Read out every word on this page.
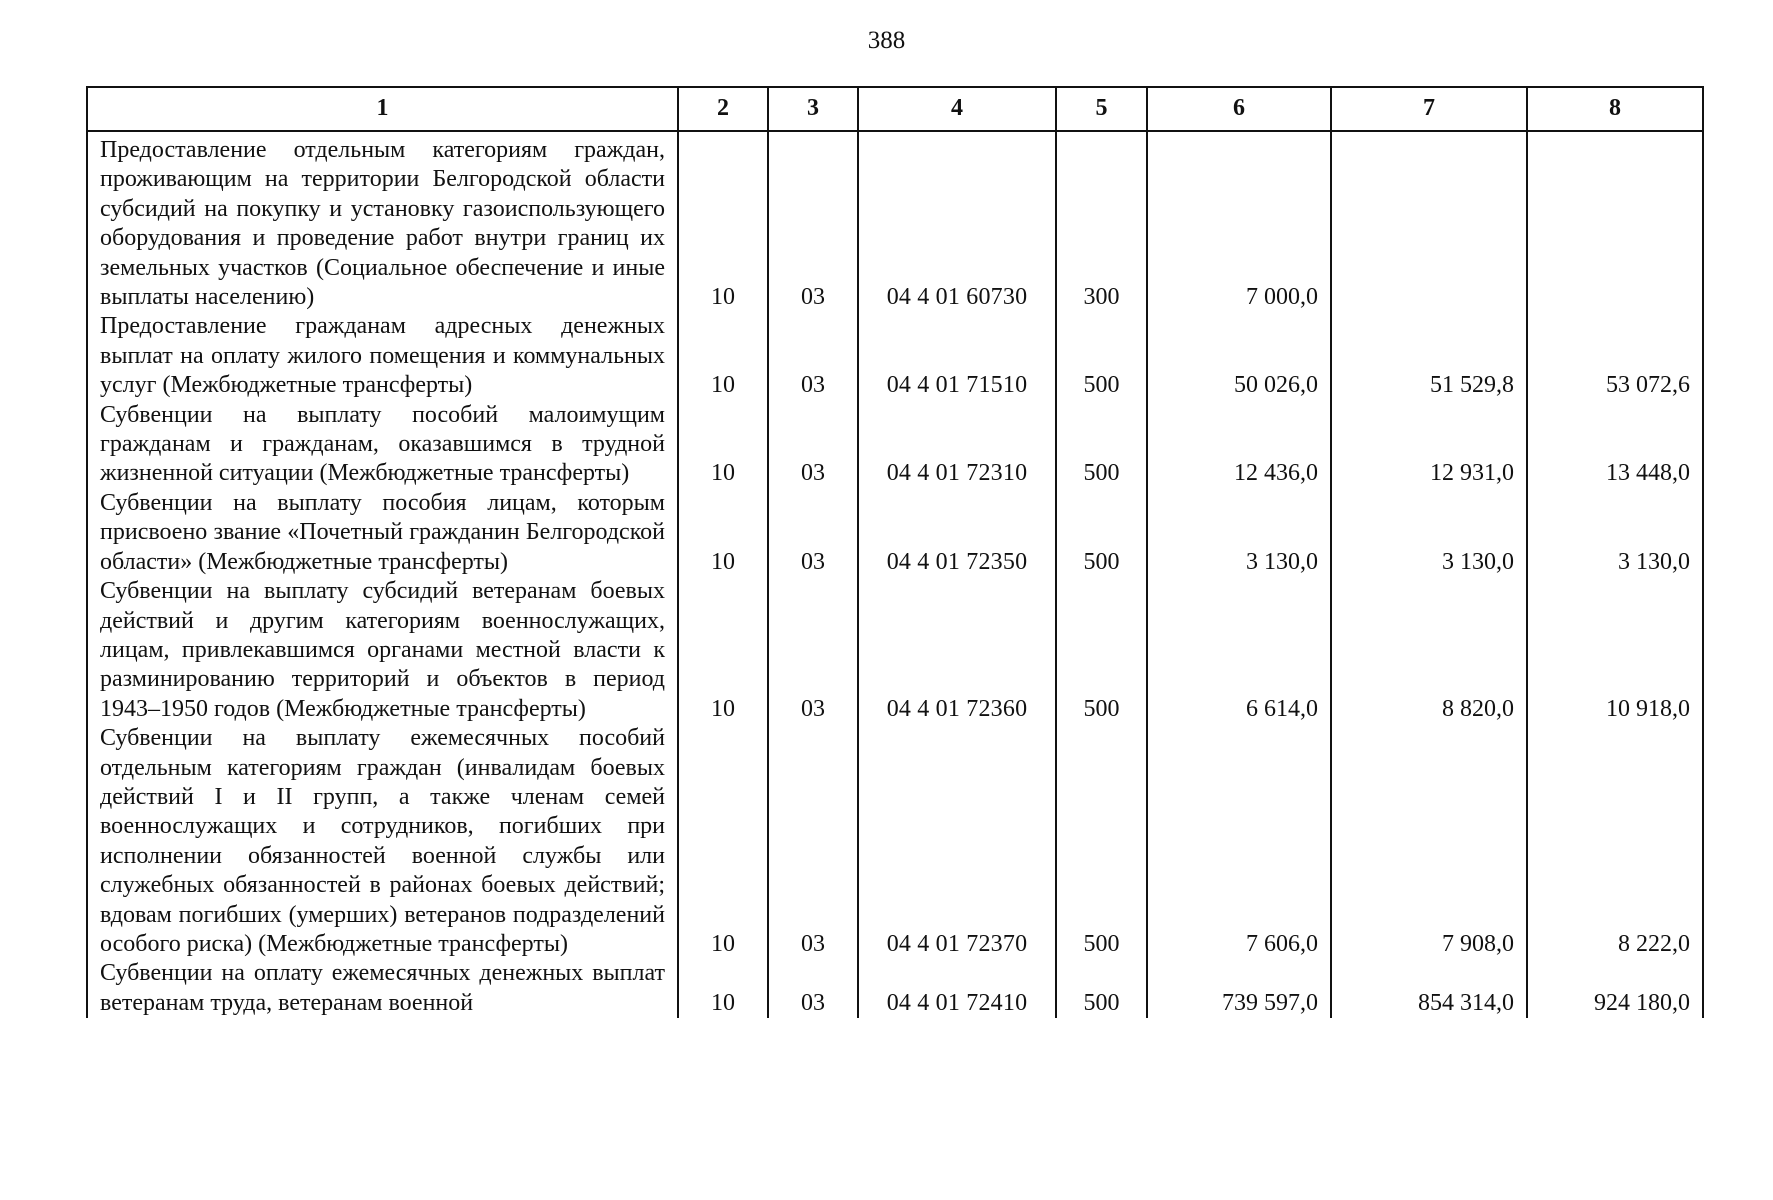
388
1	2	3	4	5	6	7	8
Предоставление отдельным категориям граждан, проживающим на территории Белгородской области субсидий на покупку и установку газоиспользующего оборудования и проведение работ внутри границ их земельных участков (Социальное обеспечение и иные выплаты населению)	10	03	04 4 01 60730	300	7 000,0		
Предоставление гражданам адресных денежных выплат на оплату жилого помещения и коммунальных услуг (Межбюджетные трансферты)	10	03	04 4 01 71510	500	50 026,0	51 529,8	53 072,6
Субвенции на выплату пособий малоимущим гражданам и гражданам, оказавшимся в трудной жизненной ситуации (Межбюджетные трансферты)	10	03	04 4 01 72310	500	12 436,0	12 931,0	13 448,0
Субвенции на выплату пособия лицам, которым присвоено звание «Почетный гражданин Белгородской области» (Межбюджетные трансферты)	10	03	04 4 01 72350	500	3 130,0	3 130,0	3 130,0
Субвенции на выплату субсидий ветеранам боевых действий и другим категориям военнослужащих, лицам, привлекавшимся органами местной власти к разминированию территорий и объектов в период 1943–1950 годов (Межбюджетные трансферты)	10	03	04 4 01 72360	500	6 614,0	8 820,0	10 918,0
Субвенции на выплату ежемесячных пособий отдельным категориям граждан (инвалидам боевых действий I и II групп, а также членам семей военнослужащих и сотрудников, погибших при исполнении обязанностей военной службы или служебных обязанностей в районах боевых действий; вдовам погибших (умерших) ветеранов подразделений особого риска) (Межбюджетные трансферты)	10	03	04 4 01 72370	500	7 606,0	7 908,0	8 222,0
Субвенции на оплату ежемесячных денежных выплат ветеранам труда, ветеранам военной	10	03	04 4 01 72410	500	739 597,0	854 314,0	924 180,0
